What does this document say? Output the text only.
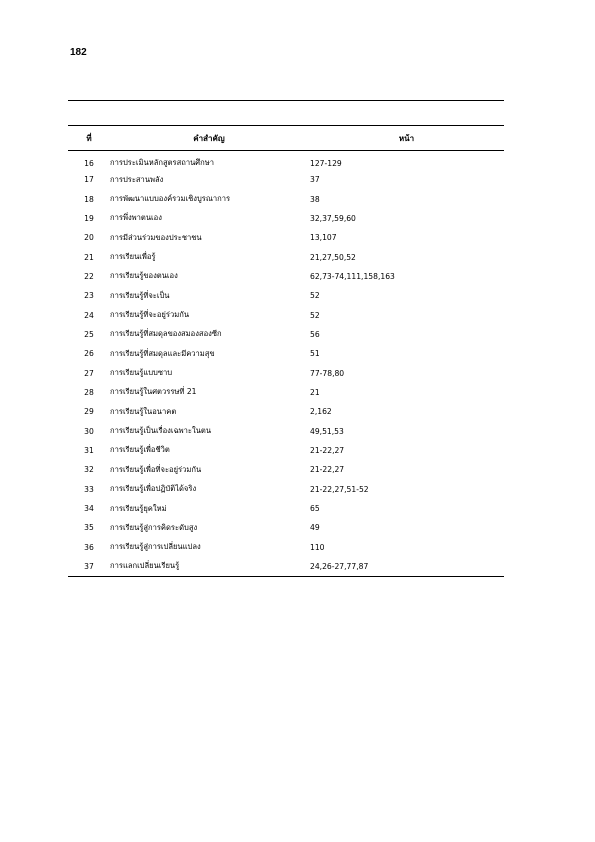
182

ที่	คำสำคัญ	หน้า
16	การประเมินหลักสูตรสถานศึกษา	127-129
17	การประสานพลัง	37
18	การพัฒนาแบบองค์รวมเชิงบูรณาการ	38
19	การพึ่งพาตนเอง	32,37,59,60
20	การมีส่วนร่วมของประชาชน	13,107
21	การเรียนเพื่อรู้	21,27,50,52
22	การเรียนรู้ของตนเอง	62,73-74,111,158,163
23	การเรียนรู้ที่จะเป็น	52
24	การเรียนรู้ที่จะอยู่ร่วมกัน	52
25	การเรียนรู้ที่สมดุลของสมองสองซีก	56
26	การเรียนรู้ที่สมดุลและมีความสุข	51
27	การเรียนรู้แบบซาบ	77-78,80
28	การเรียนรู้ในศตวรรษที่ 21	21
29	การเรียนรู้ในอนาคต	2,162
30	การเรียนรู้เป็นเรื่องเฉพาะในตน	49,51,53
31	การเรียนรู้เพื่อชีวิต	21-22,27
32	การเรียนรู้เพื่อที่จะอยู่ร่วมกัน	21-22,27
33	การเรียนรู้เพื่อปฏิบัติได้จริง	21-22,27,51-52
34	การเรียนรู้ยุคใหม่	65
35	การเรียนรู้สู่การคิดระดับสูง	49
36	การเรียนรู้สู่การเปลี่ยนแปลง	110
37	การแลกเปลี่ยนเรียนรู้	24,26-27,77,87
